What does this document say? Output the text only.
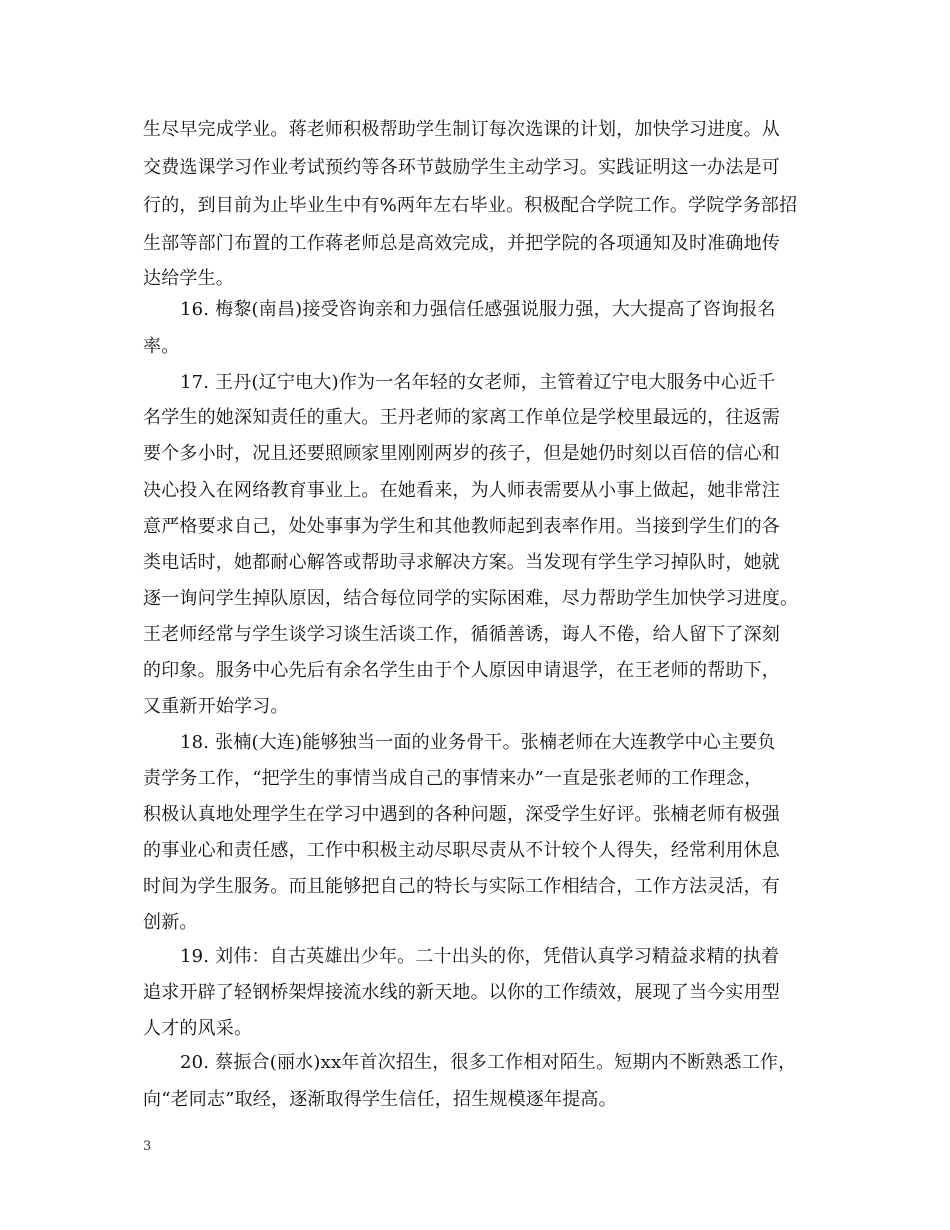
生尽早完成学业。蒋老师积极帮助学生制订每次选课的计划，加快学习进度。从
交费选课学习作业考试预约等各环节鼓励学生主动学习。实践证明这一办法是可
行的，到目前为止毕业生中有%两年左右毕业。积极配合学院工作。学院学务部招
生部等部门布置的工作蒋老师总是高效完成，并把学院的各项通知及时准确地传
达给学生。
16. 梅黎(南昌)接受咨询亲和力强信任感强说服力强，大大提高了咨询报名
率。
17. 王丹(辽宁电大)作为一名年轻的女老师，主管着辽宁电大服务中心近千
名学生的她深知责任的重大。王丹老师的家离工作单位是学校里最远的，往返需
要个多小时，况且还要照顾家里刚刚两岁的孩子，但是她仍时刻以百倍的信心和
决心投入在网络教育事业上。在她看来，为人师表需要从小事上做起，她非常注
意严格要求自己，处处事事为学生和其他教师起到表率作用。当接到学生们的各
类电话时，她都耐心解答或帮助寻求解决方案。当发现有学生学习掉队时，她就
逐一询问学生掉队原因，结合每位同学的实际困难，尽力帮助学生加快学习进度。
王老师经常与学生谈学习谈生活谈工作，循循善诱，诲人不倦，给人留下了深刻
的印象。服务中心先后有余名学生由于个人原因申请退学，在王老师的帮助下，
又重新开始学习。
18. 张楠(大连)能够独当一面的业务骨干。张楠老师在大连教学中心主要负
责学务工作，“把学生的事情当成自己的事情来办”一直是张老师的工作理念，
积极认真地处理学生在学习中遇到的各种问题，深受学生好评。张楠老师有极强
的事业心和责任感，工作中积极主动尽职尽责从不计较个人得失，经常利用休息
时间为学生服务。而且能够把自己的特长与实际工作相结合，工作方法灵活，有
创新。
19. 刘伟：自古英雄出少年。二十出头的你，凭借认真学习精益求精的执着
追求开辟了轻钢桥架焊接流水线的新天地。以你的工作绩效，展现了当今实用型
人才的风采。
20. 蔡振合(丽水)xx年首次招生，很多工作相对陌生。短期内不断熟悉工作，
向“老同志”取经，逐渐取得学生信任，招生规模逐年提高。
3
